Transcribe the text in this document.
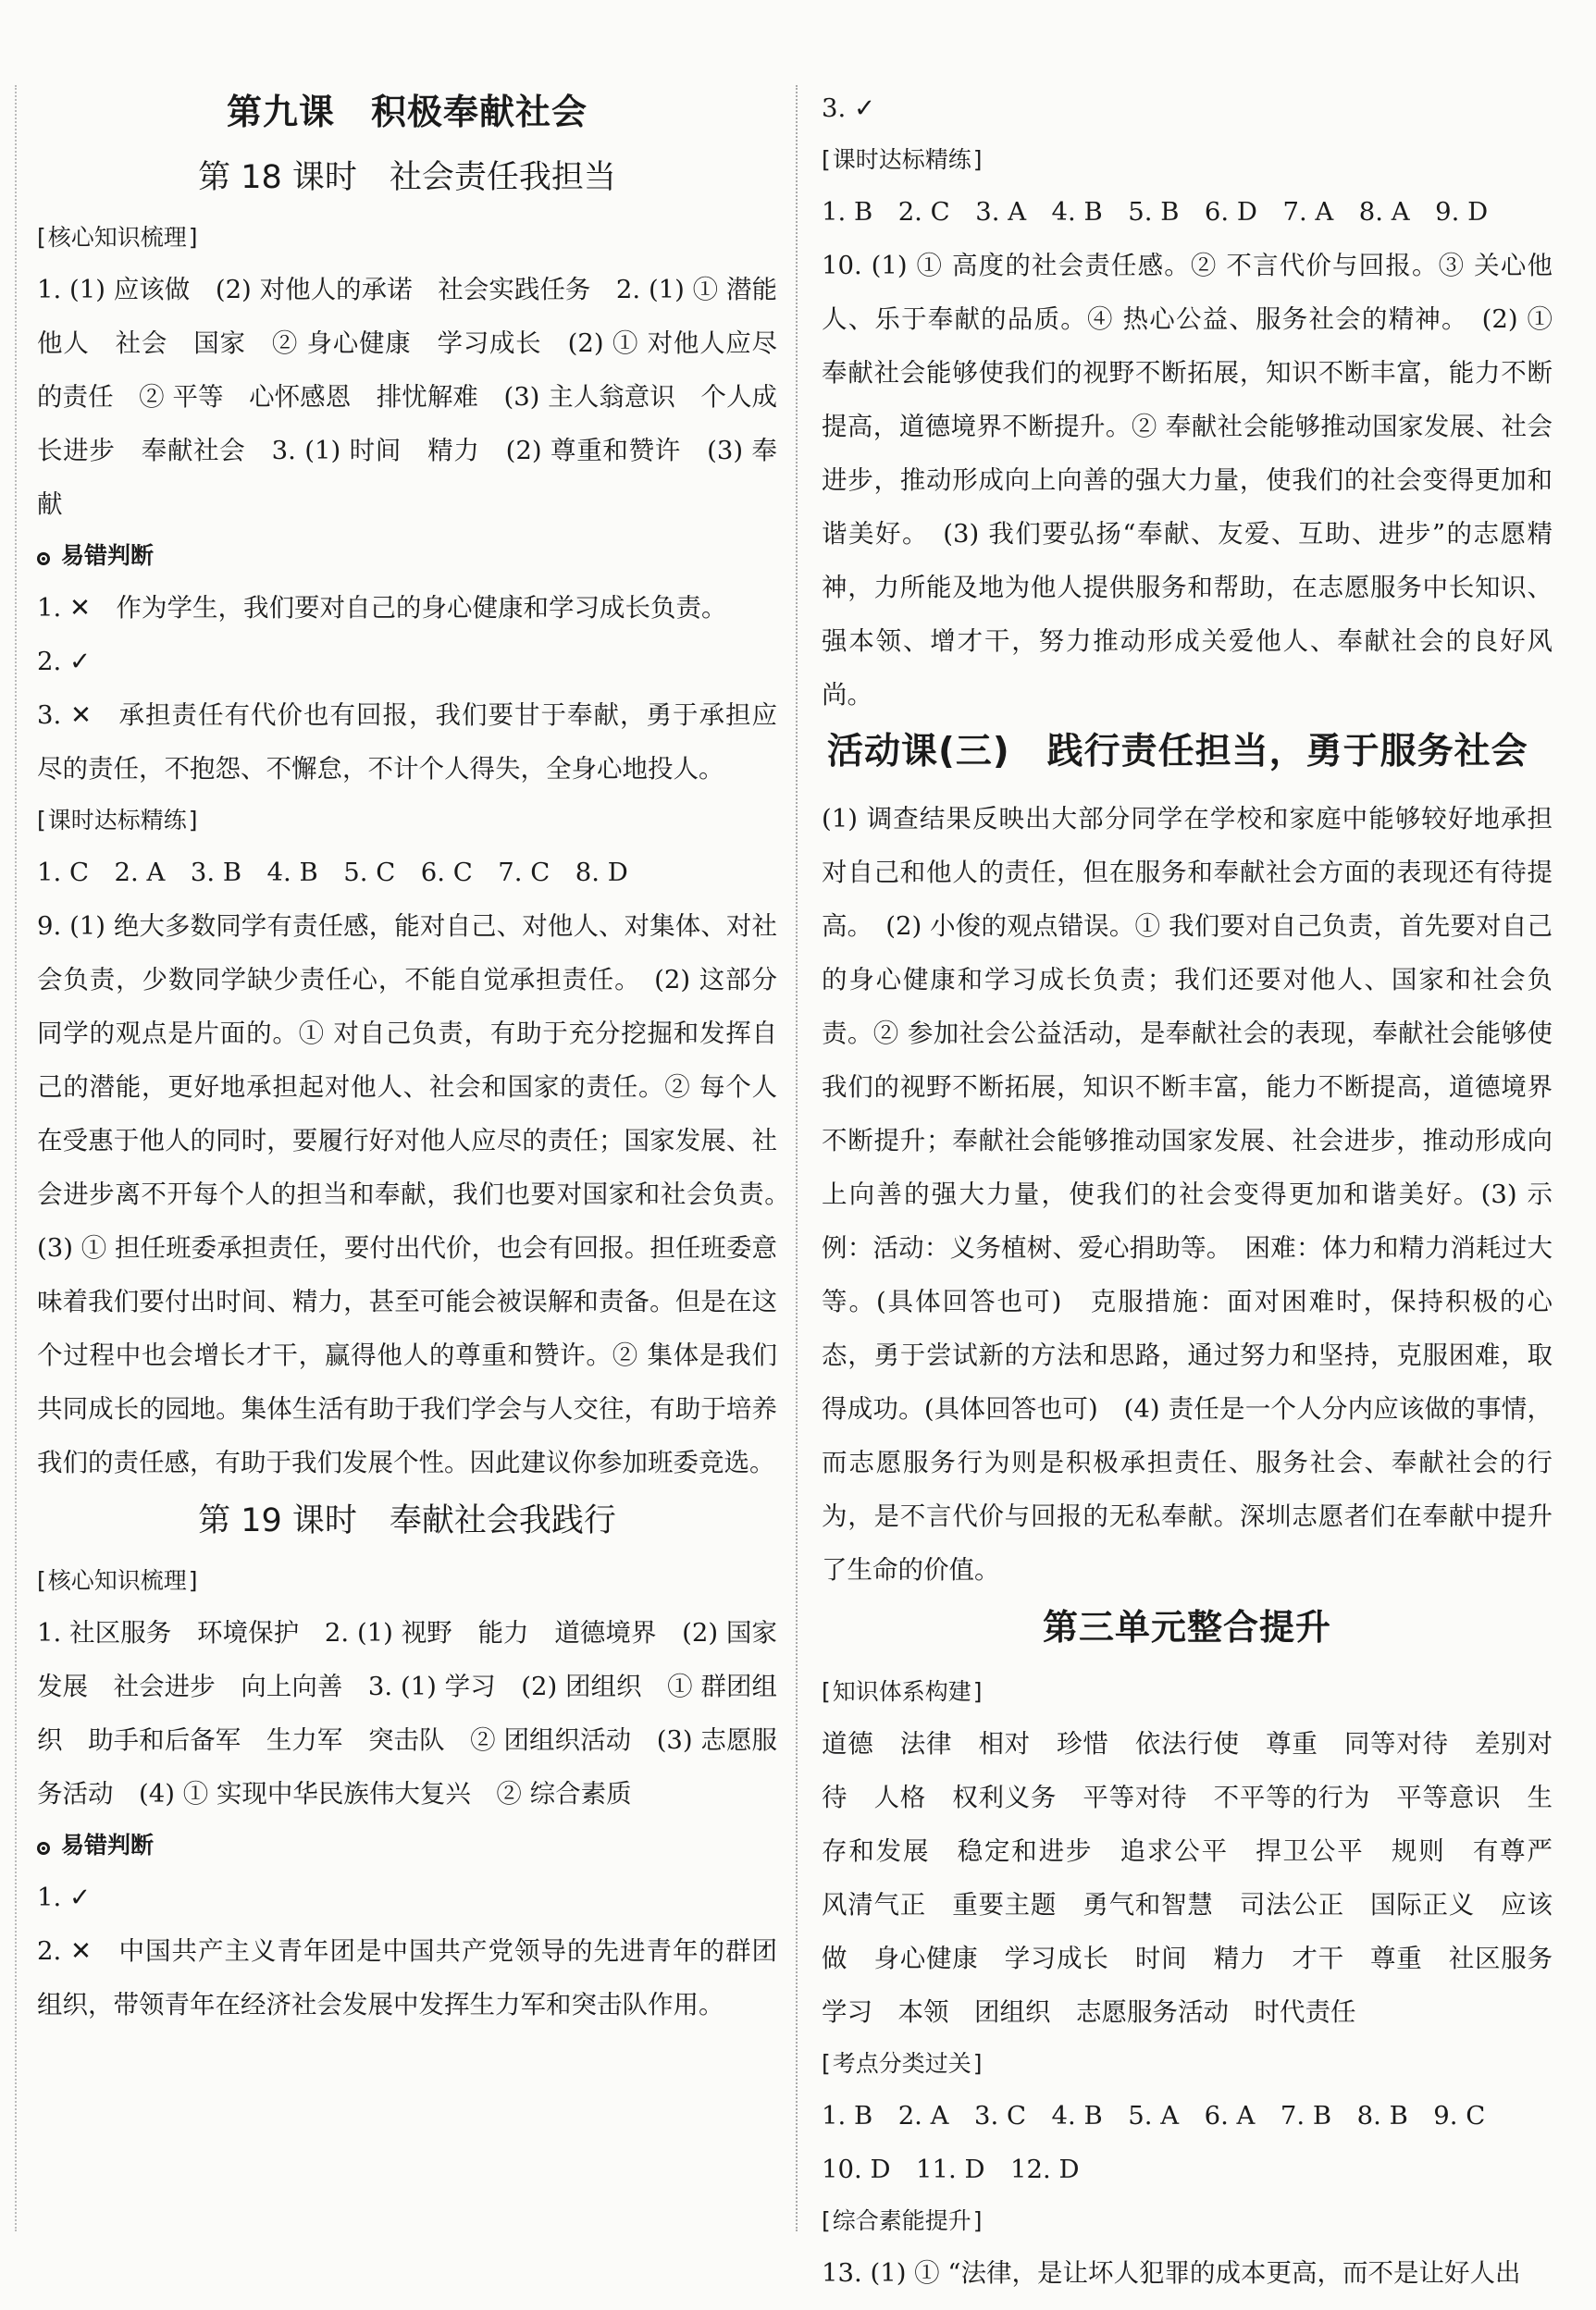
第九课　积极奉献社会
第 18 课时　社会责任我担当
[ 核心知识梳理 ]

1. (1) 应该做　(2) 对他人的承诺　社会实践任务　2. (1) ① 潜能　他人　社会　国家　② 身心健康　学习成长　(2) ① 对他人应尽的责任　② 平等　心怀感恩　排忧解难　(3) 主人翁意识　个人成长进步　奉献社会　3. (1) 时间　精力　(2) 尊重和赞许　(3) 奉献

易错判断

1. ✕　作为学生，我们要对自己的身心健康和学习成长负责。

2. ✓

3. ✕　承担责任有代价也有回报，我们要甘于奉献，勇于承担应尽的责任，不抱怨、不懈怠，不计个人得失，全身心地投人。

[ 课时达标精练 ]

1. C　2. A　3. B　4. B　5. C　6. C　7. C　8. D

9. (1) 绝大多数同学有责任感，能对自己、对他人、对集体、对社会负责，少数同学缺少责任心，不能自觉承担责任。　(2) 这部分同学的观点是片面的。① 对自己负责，有助于充分挖掘和发挥自己的潜能，更好地承担起对他人、社会和国家的责任。② 每个人在受惠于他人的同时，要履行好对他人应尽的责任；国家发展、社会进步离不开每个人的担当和奉献，我们也要对国家和社会负责。　(3) ① 担任班委承担责任，要付出代价，也会有回报。担任班委意味着我们要付出时间、精力，甚至可能会被误解和责备。但是在这个过程中也会增长才干，赢得他人的尊重和赞许。② 集体是我们共同成长的园地。集体生活有助于我们学会与人交往，有助于培养我们的责任感，有助于我们发展个性。因此建议你参加班委竞选。

第 19 课时　奉献社会我践行
[ 核心知识梳理 ]

1. 社区服务　环境保护　2. (1) 视野　能力　道德境界　(2) 国家发展　社会进步　向上向善　3. (1) 学习　(2) 团组织　① 群团组织　助手和后备军　生力军　突击队　② 团组织活动　(3) 志愿服务活动　(4) ① 实现中华民族伟大复兴　② 综合素质

易错判断

1. ✓

2. ✕　中国共产主义青年团是中国共产党领导的先进青年的群团组织，带领青年在经济社会发展中发挥生力军和突击队作用。

3. ✓

[ 课时达标精练 ]

1. B　2. C　3. A　4. B　5. B　6. D　7. A　8. A　9. D

10. (1) ① 高度的社会责任感。② 不言代价与回报。③ 关心他人、乐于奉献的品质。④ 热心公益、服务社会的精神。　(2) ① 奉献社会能够使我们的视野不断拓展，知识不断丰富，能力不断提高，道德境界不断提升。② 奉献社会能够推动国家发展、社会进步，推动形成向上向善的强大力量，使我们的社会变得更加和谐美好。　(3) 我们要弘扬“奉献、友爱、互助、进步”的志愿精神，力所能及地为他人提供服务和帮助，在志愿服务中长知识、强本领、增才干，努力推动形成关爱他人、奉献社会的良好风尚。

活动课(三)　践行责任担当，勇于服务社会

(1) 调查结果反映出大部分同学在学校和家庭中能够较好地承担对自己和他人的责任，但在服务和奉献社会方面的表现还有待提高。　(2) 小俊的观点错误。① 我们要对自己负责，首先要对自己的身心健康和学习成长负责；我们还要对他人、国家和社会负责。② 参加社会公益活动，是奉献社会的表现，奉献社会能够使我们的视野不断拓展，知识不断丰富，能力不断提高，道德境界不断提升；奉献社会能够推动国家发展、社会进步，推动形成向上向善的强大力量，使我们的社会变得更加和谐美好。(3) 示例：活动：义务植树、爱心捐助等。　困难：体力和精力消耗过大等。(具体回答也可)　克服措施：面对困难时，保持积极的心态，勇于尝试新的方法和思路，通过努力和坚持，克服困难，取得成功。(具体回答也可)　(4) 责任是一个人分内应该做的事情，而志愿服务行为则是积极承担责任、服务社会、奉献社会的行为，是不言代价与回报的无私奉献。深圳志愿者们在奉献中提升了生命的价值。

第三单元整合提升
[ 知识体系构建 ]

道德　法律　相对　珍惜　依法行使　尊重　同等对待　差别对待　人格　权利义务　平等对待　不平等的行为　平等意识　生存和发展　稳定和进步　追求公平　捍卫公平　规则　有尊严　风清气正　重要主题　勇气和智慧　司法公正　国际正义　应该做　身心健康　学习成长　时间　精力　才干　尊重　社区服务　学习　本领　团组织　志愿服务活动　时代责任

[ 考点分类过关 ]

1. B　2. A　3. C　4. B　5. A　6. A　7. B　8. B　9. C

10. D　11. D　12. D

[ 综合素能提升 ]

13. (1) ① “法律，是让坏人犯罪的成本更高，而不是让好人出
